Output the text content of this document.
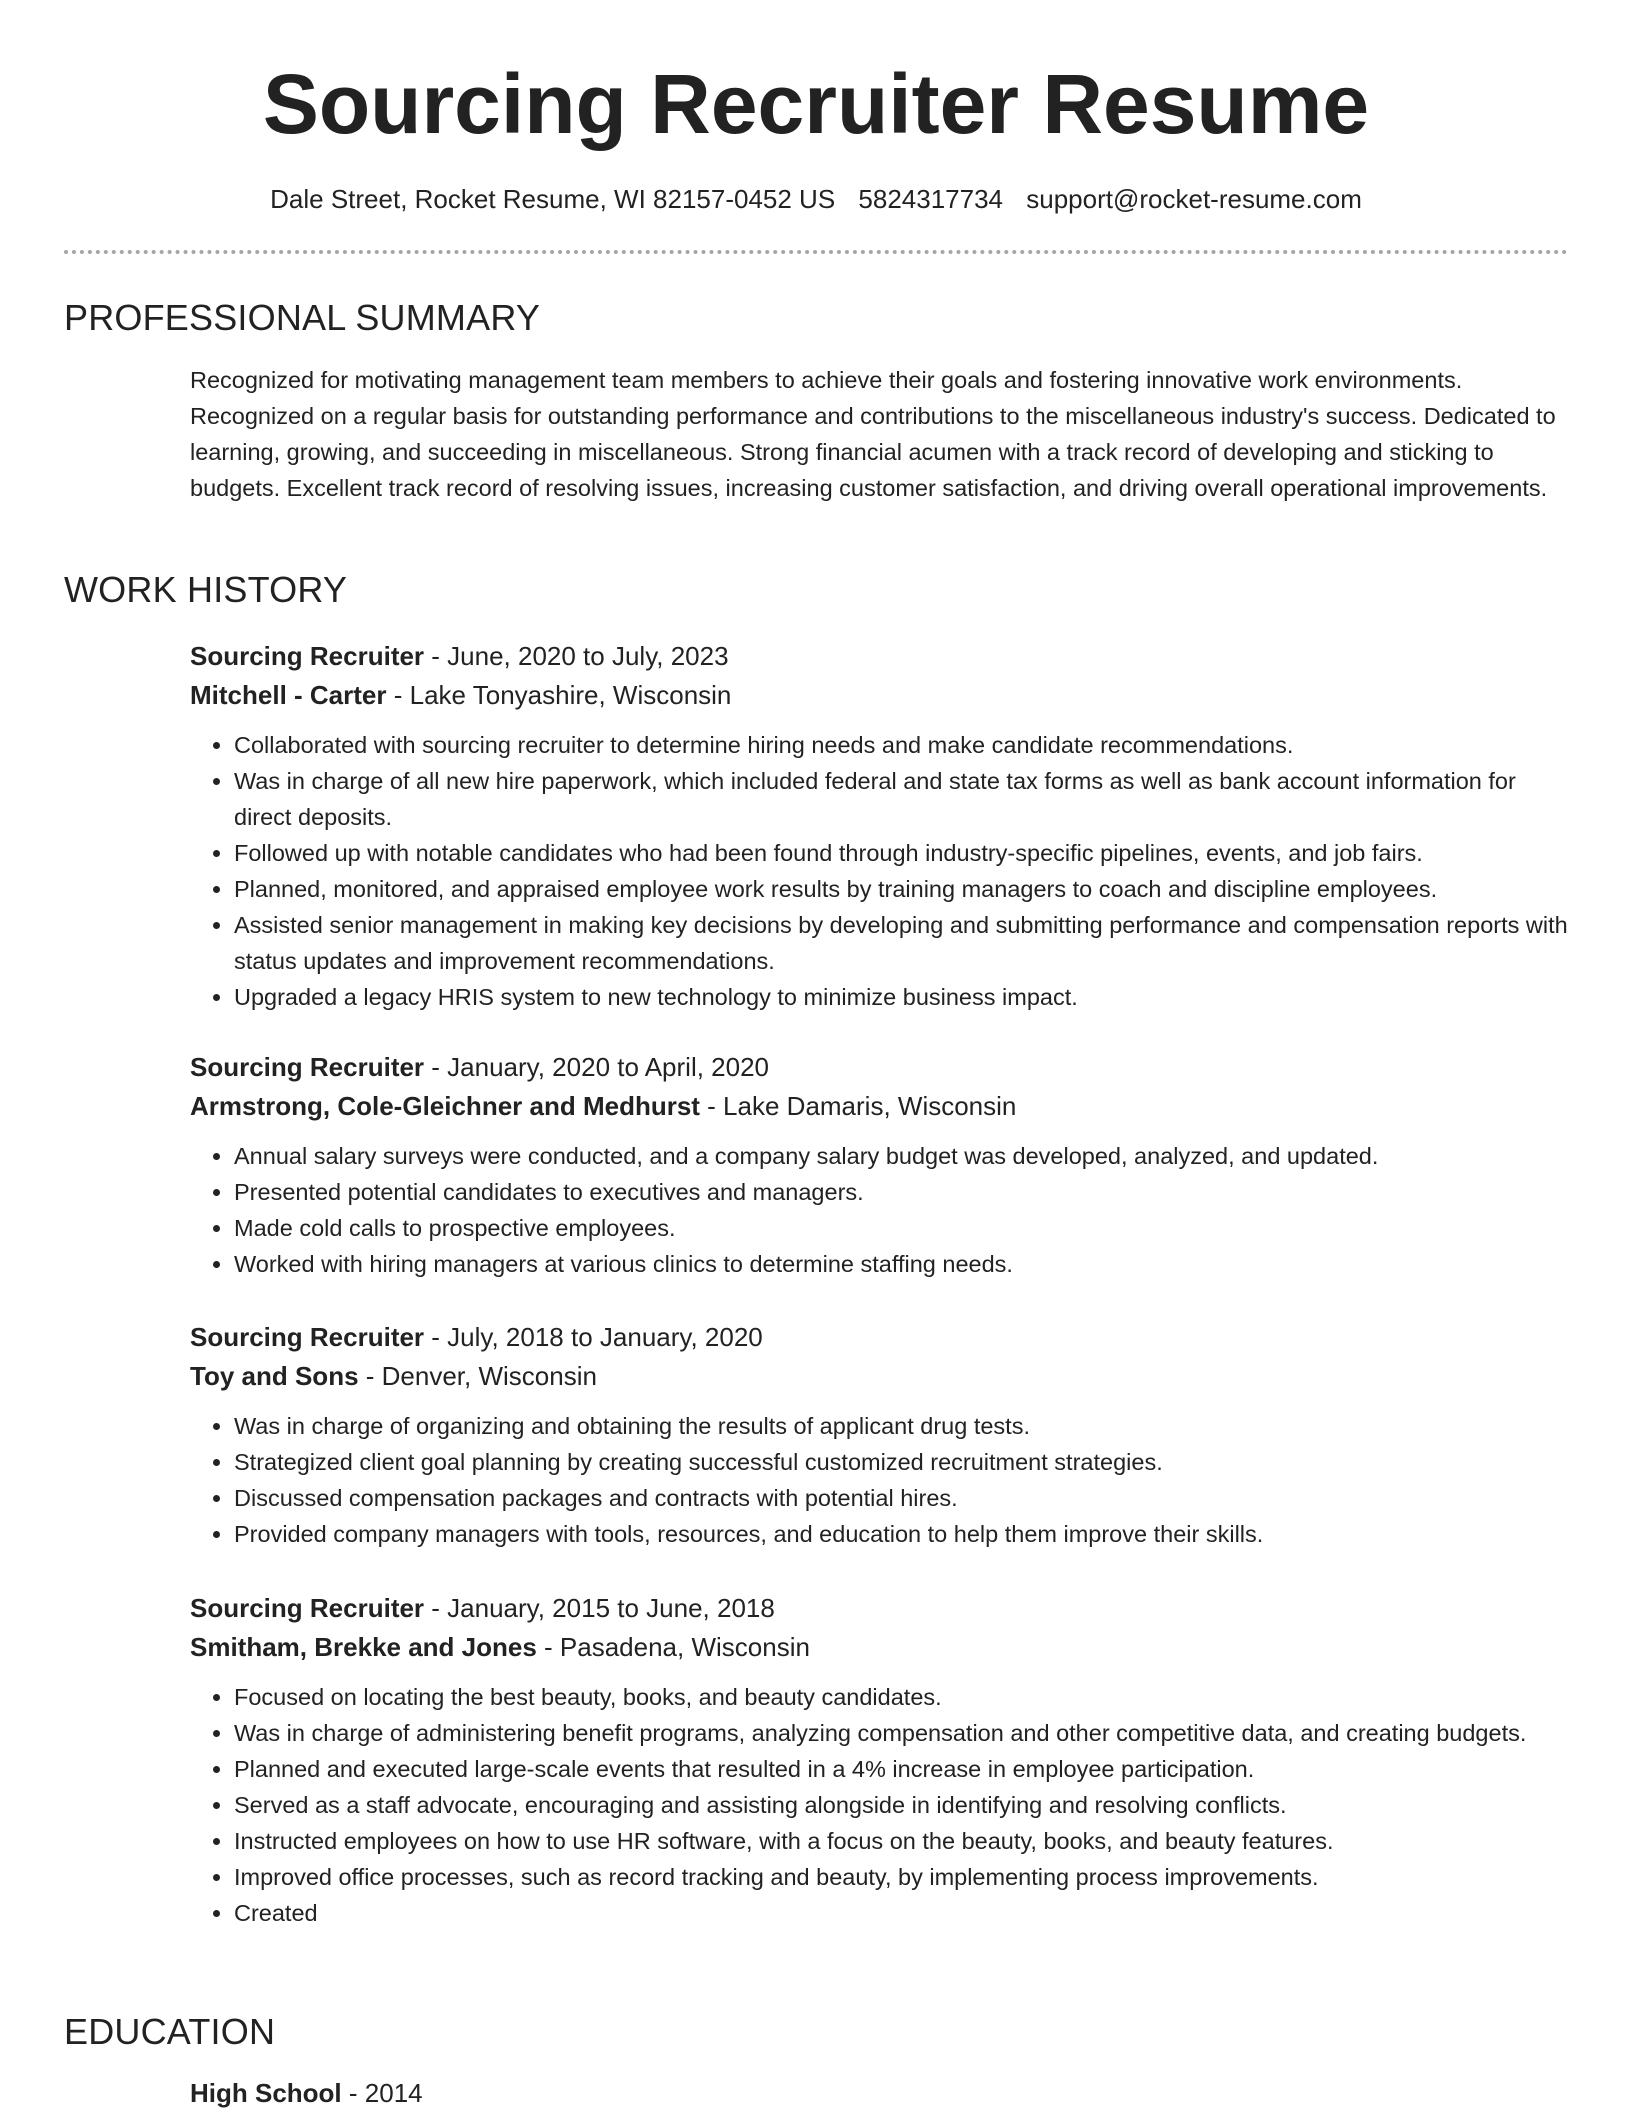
Sourcing Recruiter Resume
Dale Street, Rocket Resume, WI 82157-0452 US 5824317734 support@rocket-resume.com
PROFESSIONAL SUMMARY

Recognized for motivating management team members to achieve their goals and fostering innovative work environments. Recognized on a regular basis for outstanding performance and contributions to the miscellaneous industry's success. Dedicated to learning, growing, and succeeding in miscellaneous. Strong financial acumen with a track record of developing and sticking to budgets. Excellent track record of resolving issues, increasing customer satisfaction, and driving overall operational improvements.

WORK HISTORY
Sourcing Recruiter - June, 2020 to July, 2023
Mitchell - Carter - Lake Tonyashire, Wisconsin
• Collaborated with sourcing recruiter to determine hiring needs and make candidate recommendations.
• Was in charge of all new hire paperwork, which included federal and state tax forms as well as bank account information for direct deposits.
• Followed up with notable candidates who had been found through industry-specific pipelines, events, and job fairs.
• Planned, monitored, and appraised employee work results by training managers to coach and discipline employees.
• Assisted senior management in making key decisions by developing and submitting performance and compensation reports with status updates and improvement recommendations.
• Upgraded a legacy HRIS system to new technology to minimize business impact.
Sourcing Recruiter - January, 2020 to April, 2020
Armstrong, Cole-Gleichner and Medhurst - Lake Damaris, Wisconsin
• Annual salary surveys were conducted, and a company salary budget was developed, analyzed, and updated.
• Presented potential candidates to executives and managers.
• Made cold calls to prospective employees.
• Worked with hiring managers at various clinics to determine staffing needs.
Sourcing Recruiter - July, 2018 to January, 2020
Toy and Sons - Denver, Wisconsin
• Was in charge of organizing and obtaining the results of applicant drug tests.
• Strategized client goal planning by creating successful customized recruitment strategies.
• Discussed compensation packages and contracts with potential hires.
• Provided company managers with tools, resources, and education to help them improve their skills.
Sourcing Recruiter - January, 2015 to June, 2018
Smitham, Brekke and Jones - Pasadena, Wisconsin
• Focused on locating the best beauty, books, and beauty candidates.
• Was in charge of administering benefit programs, analyzing compensation and other competitive data, and creating budgets.
• Planned and executed large-scale events that resulted in a 4% increase in employee participation.
• Served as a staff advocate, encouraging and assisting alongside in identifying and resolving conflicts.
• Instructed employees on how to use HR software, with a focus on the beauty, books, and beauty features.
• Improved office processes, such as record tracking and beauty, by implementing process improvements.
• Created
EDUCATION
High School - 2014
